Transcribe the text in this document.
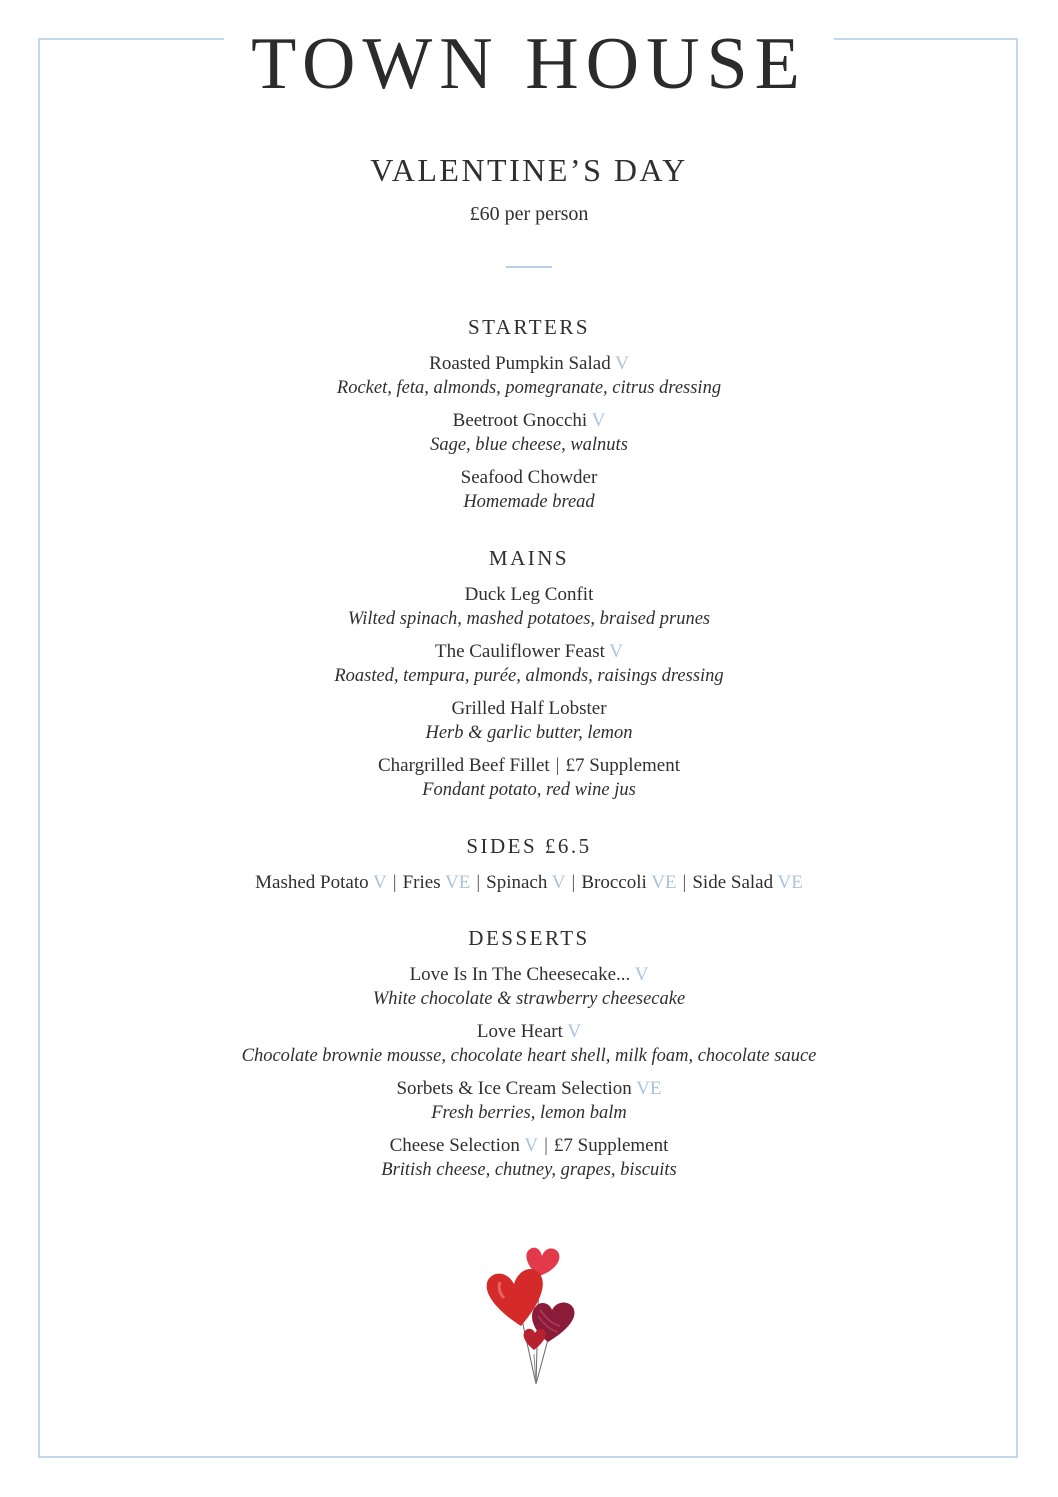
TOWN HOUSE
VALENTINE’S DAY
£60 per person
STARTERS
Roasted Pumpkin Salad V
Rocket, feta, almonds, pomegranate, citrus dressing
Beetroot Gnocchi V
Sage, blue cheese, walnuts
Seafood Chowder
Homemade bread
MAINS
Duck Leg Confit
Wilted spinach, mashed potatoes, braised prunes
The Cauliflower Feast V
Roasted, tempura, purée, almonds, raisings dressing
Grilled Half Lobster
Herb & garlic butter, lemon
Chargrilled Beef Fillet | £7 Supplement
Fondant potato, red wine jus
SIDES £6.5
Mashed Potato V | Fries VE | Spinach V | Broccoli VE | Side Salad VE
DESSERTS
Love Is In The Cheesecake... V
White chocolate & strawberry cheesecake
Love Heart V
Chocolate brownie mousse, chocolate heart shell, milk foam, chocolate sauce
Sorbets & Ice Cream Selection VE
Fresh berries, lemon balm
Cheese Selection V | £7 Supplement
British cheese, chutney, grapes, biscuits
